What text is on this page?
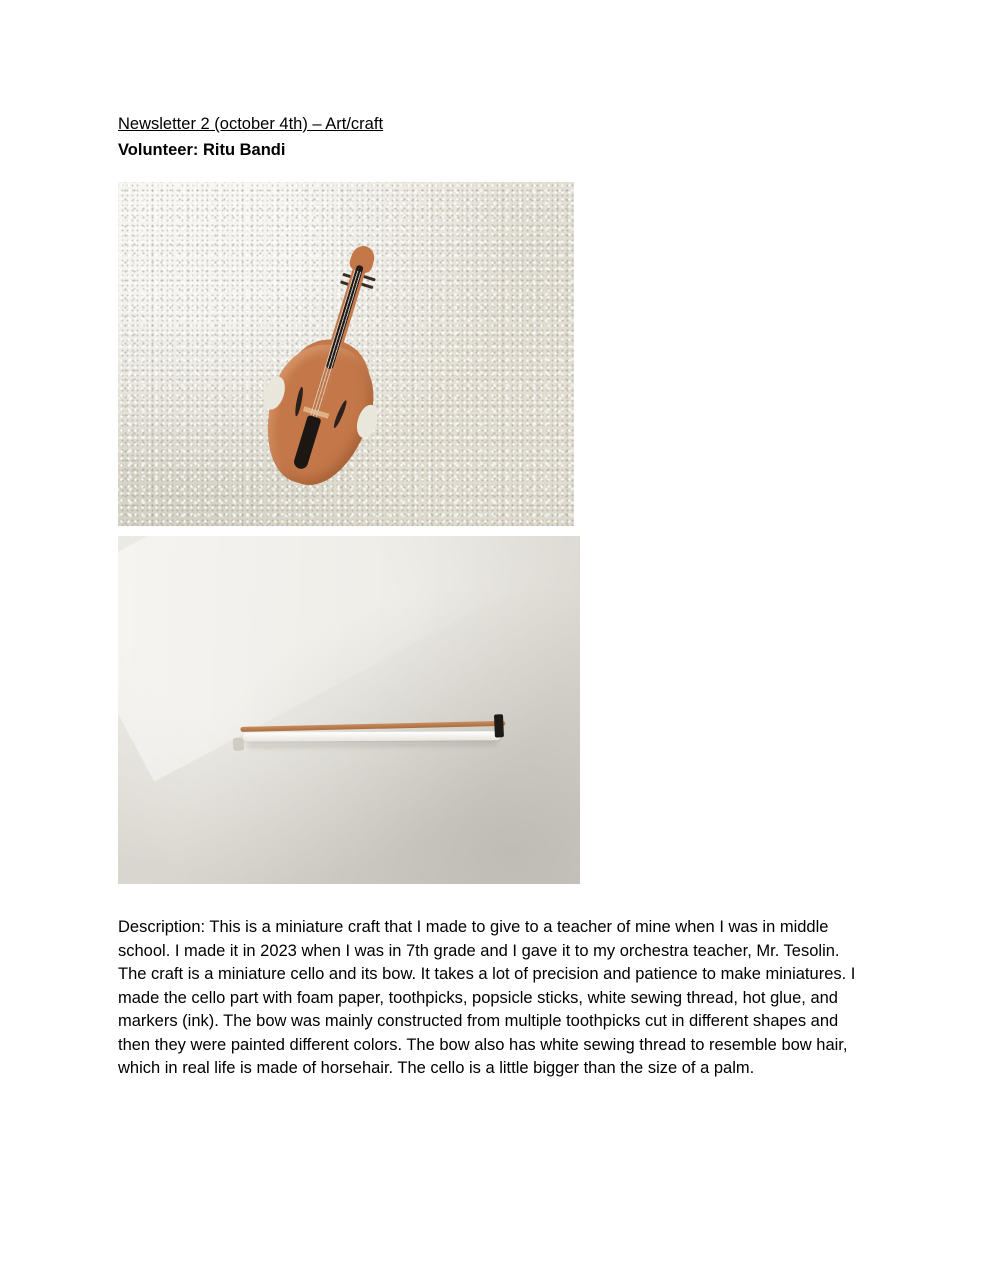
Newsletter 2 (october 4th) – Art/craft
Volunteer: Ritu Bandi
Description: This is a miniature craft that I made to give to a teacher of mine when I was in middle school. I made it in 2023 when I was in 7th grade and I gave it to my orchestra teacher, Mr. Tesolin. The craft is a miniature cello and its bow. It takes a lot of precision and patience to make miniatures. I made the cello part with foam paper, toothpicks, popsicle sticks, white sewing thread, hot glue, and markers (ink). The bow was mainly constructed from multiple toothpicks cut in different shapes and then they were painted different colors. The bow also has white sewing thread to resemble bow hair, which in real life is made of horsehair. The cello is a little bigger than the size of a palm.
